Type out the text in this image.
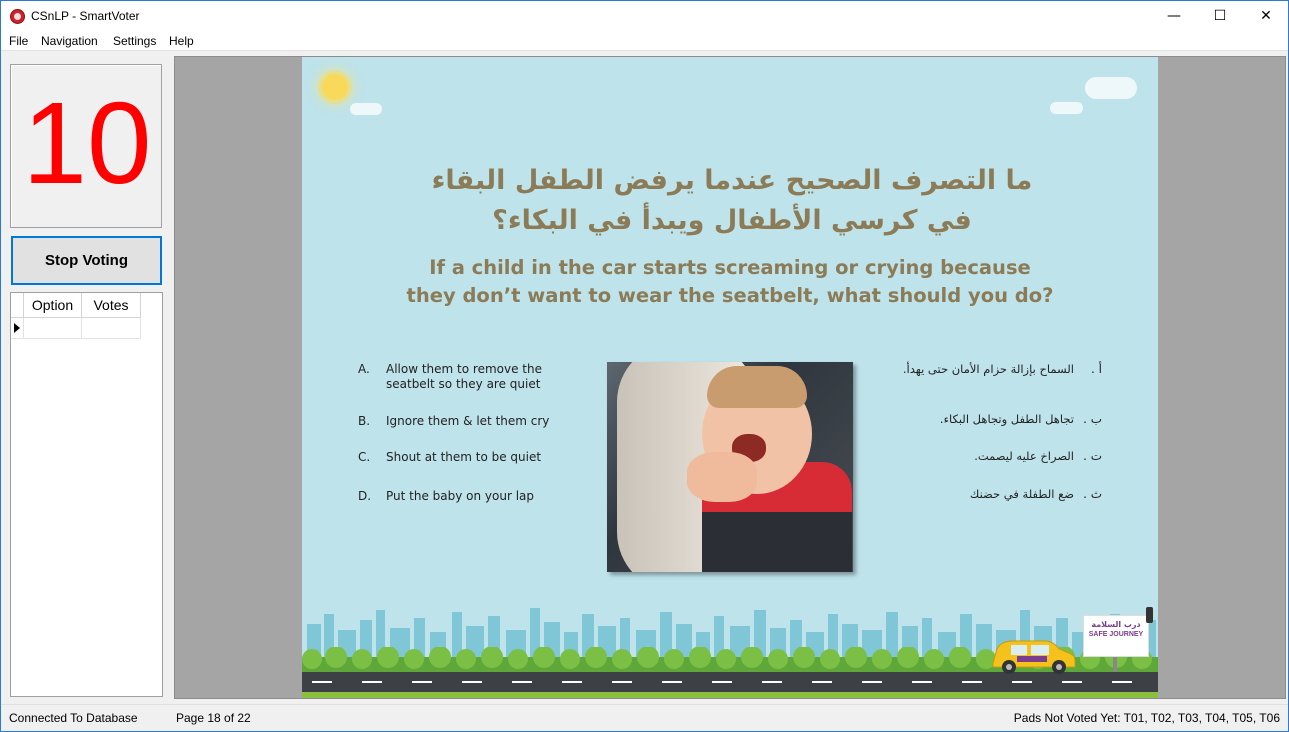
CSnLP - SmartVoter	—	☐	✕
File Navigation Settings Help
10
Stop Voting
Option	Votes
ما التصرف الصحيح عندما يرفض الطفل البقاء
في كرسي الأطفال ويبدأ في البكاء؟
If a child in the car starts screaming or crying because
they don’t want to wear the seatbelt, what should you do?
A. Allow them to remove the seatbelt so they are quiet
B. Ignore them & let them cry
C. Shout at them to be quiet
D. Put the baby on your lap
أ .
السماح بإزالة حزام الأمان حتى يهدأ.
ب .
تجاهل الطفل وتجاهل البكاء.
ت .
الصراخ عليه ليصمت.
ث .
ضع الطفلة في حضنك
درب السلامة
SAFE JOURNEY
Connected To Database	Page 18 of 22	Pads Not Voted Yet: T01, T02, T03, T04, T05, T06
